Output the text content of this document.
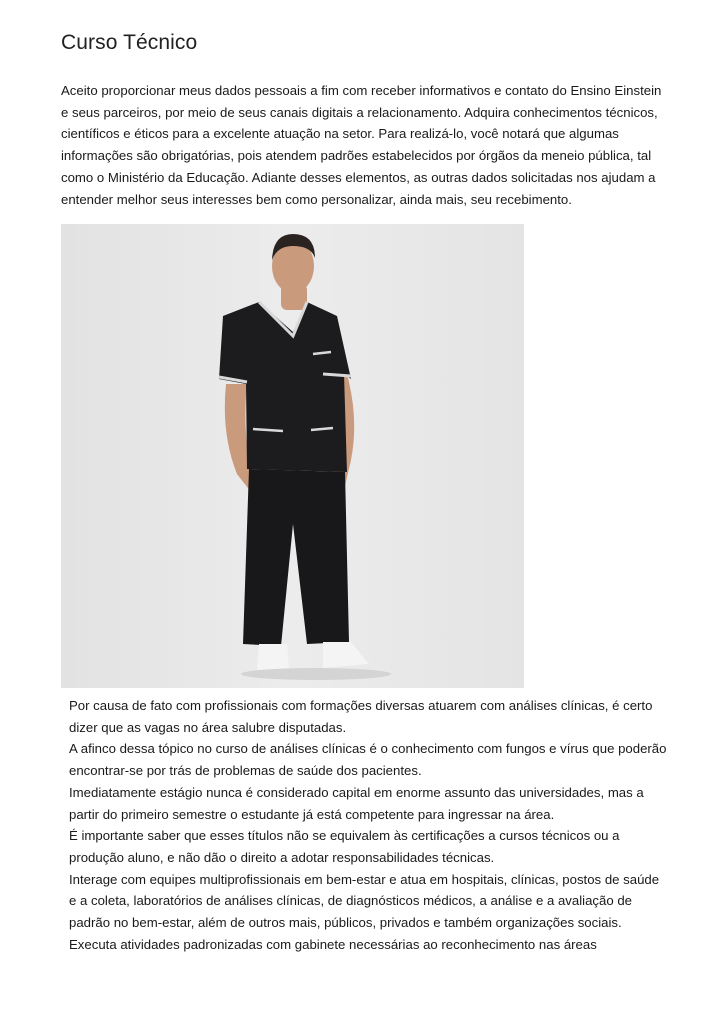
Curso Técnico

Aceito proporcionar meus dados pessoais a fim com receber informativos e contato do Ensino Einstein e seus parceiros, por meio de seus canais digitais a relacionamento. Adquira conhecimentos técnicos, científicos e éticos para a excelente atuação na setor. Para realizá-lo, você notará que algumas informações são obrigatórias, pois atendem padrões estabelecidos por órgãos da meneio pública, tal como o Ministério da Educação. Adiante desses elementos, as outras dados solicitadas nos ajudam a entender melhor seus interesses bem como personalizar, ainda mais, seu recebimento.

Por causa de fato com profissionais com formações diversas atuarem com análises clínicas, é certo dizer que as vagas no área salubre disputadas.

A afinco dessa tópico no curso de análises clínicas é o conhecimento com fungos e vírus que poderão encontrar-se por trás de problemas de saúde dos pacientes.

Imediatamente estágio nunca é considerado capital em enorme assunto das universidades, mas a partir do primeiro semestre o estudante já está competente para ingressar na área.

É importante saber que esses títulos não se equivalem às certificações a cursos técnicos ou a produção aluno, e não dão o direito a adotar responsabilidades técnicas.

Interage com equipes multiprofissionais em bem-estar e atua em hospitais, clínicas, postos de saúde e a coleta, laboratórios de análises clínicas, de diagnósticos médicos, a análise e a avaliação de padrão no bem-estar, além de outros mais, públicos, privados e também organizações sociais.

Executa atividades padronizadas com gabinete necessárias ao reconhecimento nas áreas
